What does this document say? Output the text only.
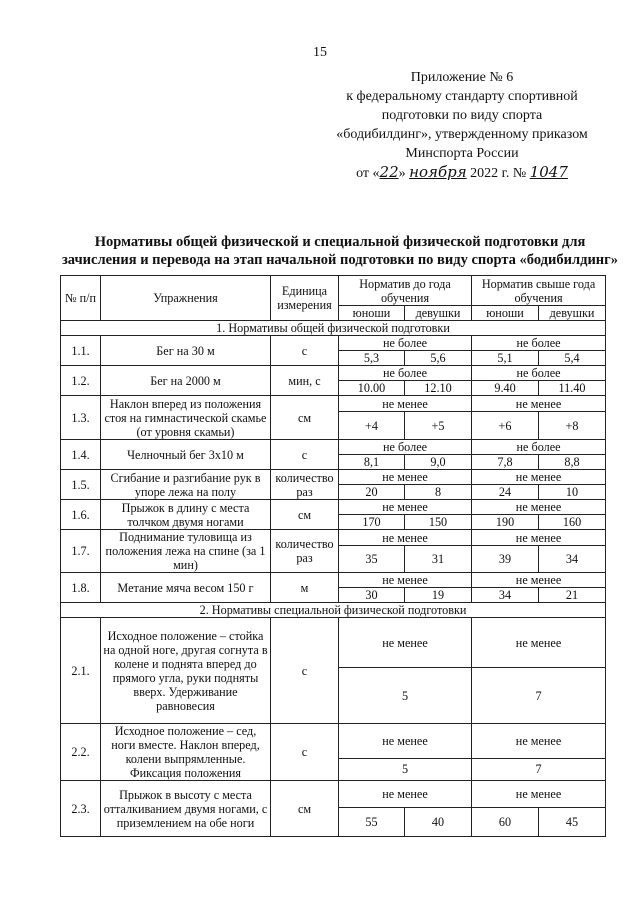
15
Приложение № 6
к федеральному стандарту спортивной
подготовки по виду спорта
«бодибилдинг», утвержденному приказом
Минспорта России
от «22» ноября 2022 г. № 1047
Нормативы общей физической и специальной физической подготовки для зачисления и перевода на этап начальной подготовки по виду спорта «бодибилдинг»
№ п/п	Упражнения	Единица измерения	Норматив до года обучения		Норматив свыше года обучения	
			юноши	девушки	юноши	девушки
1. Нормативы общей физической подготовки						
1.1.	Бег на 30 м	с	не более		не более	
			5,3	5,6	5,1	5,4
1.2.	Бег на 2000 м	мин, с	не более		не более	
			10.00	12.10	9.40	11.40
1.3.	Наклон вперед из положения стоя на гимнастической скамье (от уровня скамьи)	см	не менее		не менее	
			+4	+5	+6	+8
1.4.	Челночный бег 3х10 м	с	не более		не более	
			8,1	9,0	7,8	8,8
1.5.	Сгибание и разгибание рук в упоре лежа на полу	количество раз	не менее		не менее	
			20	8	24	10
1.6.	Прыжок в длину с места толчком двумя ногами	см	не менее		не менее	
			170	150	190	160
1.7.	Поднимание туловища из положения лежа на спине (за 1 мин)	количество раз	не менее		не менее	
			35	31	39	34
1.8.	Метание мяча весом 150 г	м	не менее		не менее	
			30	19	34	21
2. Нормативы специальной физической подготовки						
2.1.	Исходное положение – стойка на одной ноге, другая согнута в колене и поднята вперед до прямого угла, руки подняты вверх. Удерживание равновесия	с	не менее		не менее	
			5		7	
2.2.	Исходное положение – сед, ноги вместе. Наклон вперед, колени выпрямленные. Фиксация положения	с	не менее		не менее	
			5		7	
2.3.	Прыжок в высоту с места отталкиванием двумя ногами, с приземлением на обе ноги	см	не менее		не менее	
			55	40	60	45
